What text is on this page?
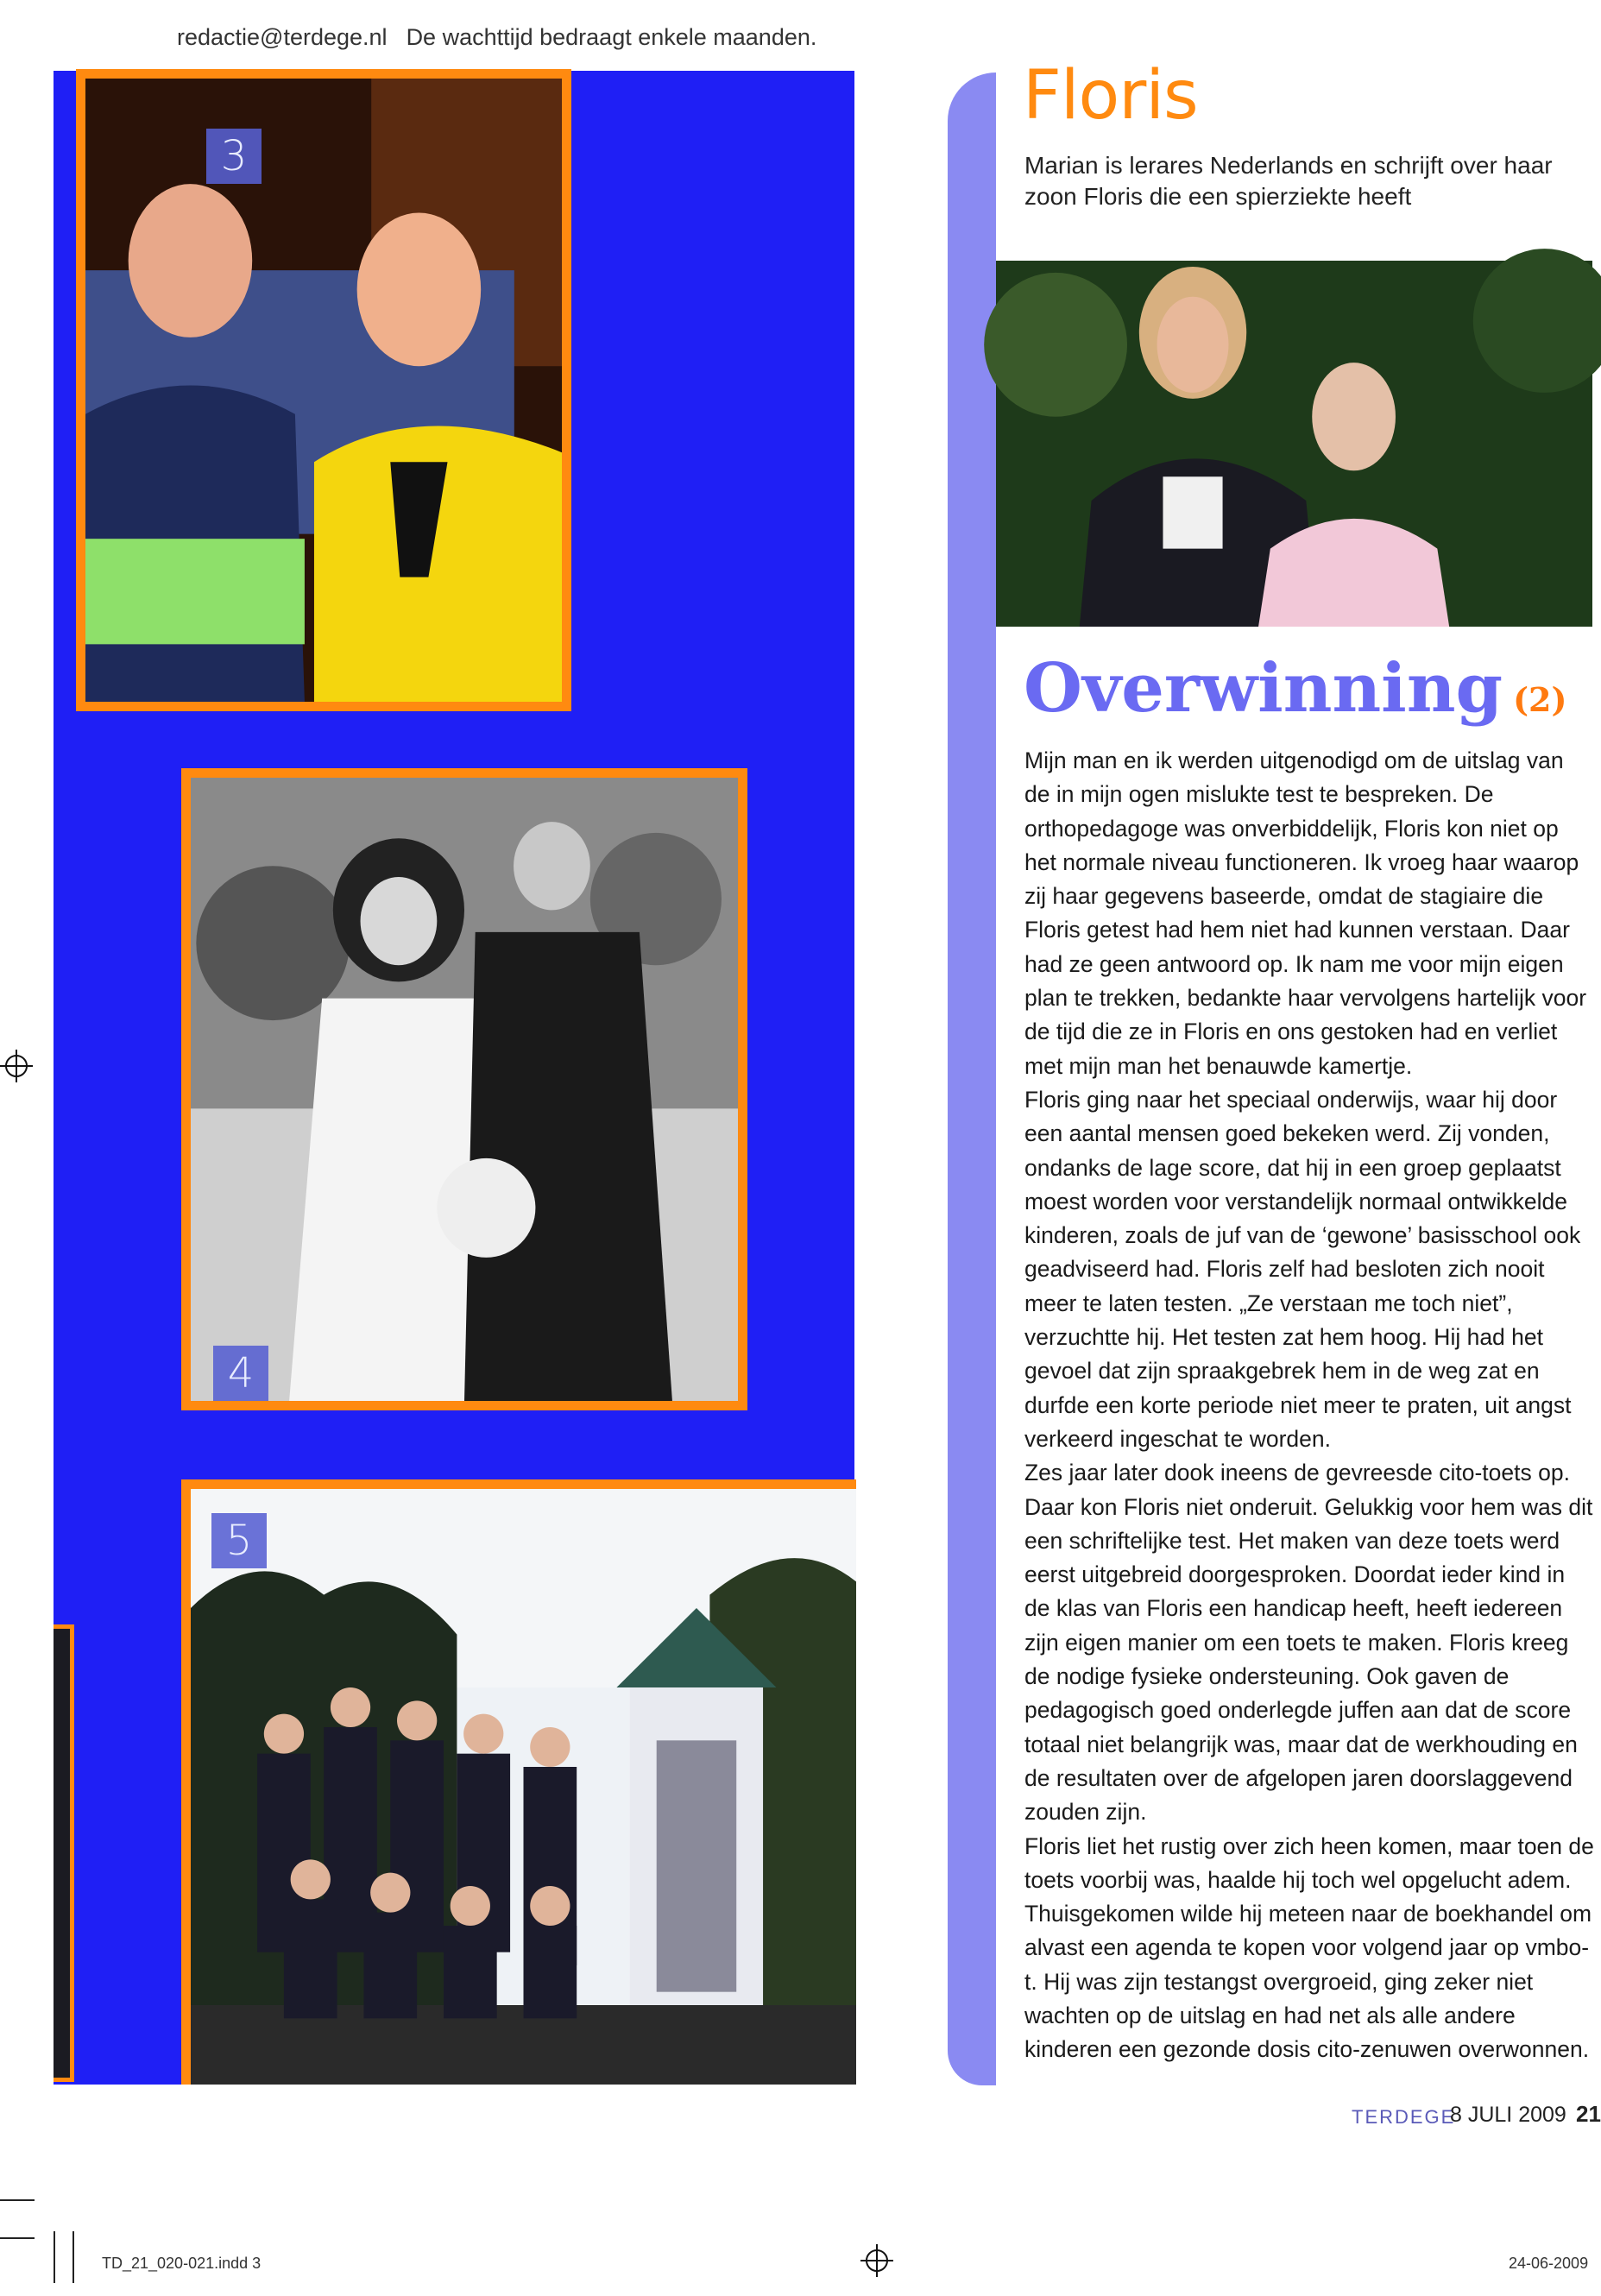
redactie@terdege.nl De wachttijd bedraagt enkele maanden.
3
4
5
Floris
Marian is lerares Nederlands en schrijft over haar zoon Floris die een spierziekte heeft
Overwinning (2)

Mijn man en ik werden uitgenodigd om de uitslag van de in mijn ogen mislukte test te bespreken. De orthopedagoge was onverbiddelijk, Floris kon niet op het normale niveau functioneren. Ik vroeg haar waarop zij haar gegevens baseerde, omdat de stagiaire die Floris getest had hem niet had kunnen verstaan. Daar had ze geen antwoord op. Ik nam me voor mijn eigen plan te trekken, bedankte haar vervolgens hartelijk voor de tijd die ze in Floris en ons gestoken had en verliet met mijn man het benauwde kamertje.

Floris ging naar het speciaal onderwijs, waar hij door een aantal mensen goed bekeken werd. Zij vonden, ondanks de lage score, dat hij in een groep geplaatst moest worden voor verstandelijk normaal ontwikkelde kinderen, zoals de juf van de ‘gewone’ basisschool ook geadviseerd had. Floris zelf had besloten zich nooit meer te laten testen. „Ze verstaan me toch niet”, verzuchtte hij. Het testen zat hem hoog. Hij had het gevoel dat zijn spraakgebrek hem in de weg zat en durfde een korte periode niet meer te praten, uit angst verkeerd ingeschat te worden.

Zes jaar later dook ineens de gevreesde cito-toets op. Daar kon Floris niet onderuit. Gelukkig voor hem was dit een schriftelijke test. Het maken van deze toets werd eerst uitgebreid doorgesproken. Doordat ieder kind in de klas van Floris een handicap heeft, heeft iedereen zijn eigen manier om een toets te maken. Floris kreeg de nodige fysieke ondersteuning. Ook gaven de pedagogisch goed onderlegde juffen aan dat de score totaal niet belangrijk was, maar dat de werkhouding en de resultaten over de afgelopen jaren doorslaggevend zouden zijn.

Floris liet het rustig over zich heen komen, maar toen de toets voorbij was, haalde hij toch wel opgelucht adem. Thuisgekomen wilde hij meteen naar de boekhandel om alvast een agenda te kopen voor volgend jaar op vmbo-t. Hij was zijn testangst overgroeid, ging zeker niet wachten op de uitslag en had net als alle andere kinderen een gezonde dosis cito-zenuwen overwonnen.

TERDEGE
8 JULI 2009 21
TD_21_020-021.indd 3	24-06-2009
